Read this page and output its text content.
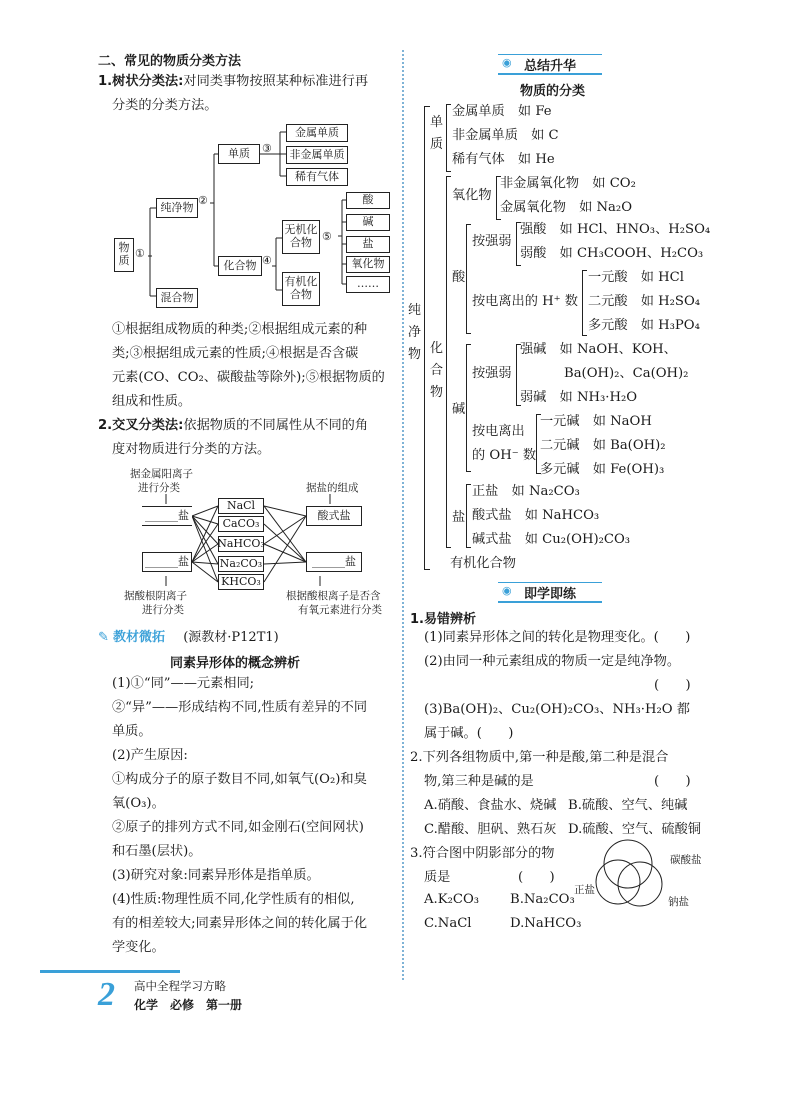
二、常见的物质分类方法
1.树状分类法:对同类事物按照某种标准进行再
分类的分类方法。
物质
①
纯净物
②
混合物
单质	③
金属单质
非金属单质
稀有气体
化合物 ④
无机化合物 ⑤
有机化合物
酸
碱
盐
氧化物
……
①根据组成物质的种类;②根据组成元素的种
类;③根据组成元素的性质;④根据是否含碳
元素(CO、CO₂、碳酸盐等除外);⑤根据物质的
组成和性质。
2.交叉分类法:依据物质的不同属性从不同的角
度对物质进行分类的方法。
据金属阳离子
进行分类	据盐的组成
______盐
______盐
酸式盐
______盐
NaCl
CaCO₃
NaHCO₃
Na₂CO₃
KHCO₃
据酸根阴离子
进行分类
根据酸根离子是否含
有氧元素进行分类
✎ 教材微拓 (源教材·P12T1)
同素异形体的概念辨析
(1)①“同”——元素相同;
②“异”——形成结构不同,性质有差异的不同
单质。
(2)产生原因:
①构成分子的原子数目不同,如氧气(O₂)和臭
氧(O₃)。
②原子的排列方式不同,如金刚石(空间网状)
和石墨(层状)。
(3)研究对象:同素异形体是指单质。
(4)性质:物理性质不同,化学性质有的相似,
有的相差较大;同素异形体之间的转化属于化
学变化。
◉ 总结升华
物质的分类
纯净物
单质
金属单质　如 Fe
非金属单质　如 C
稀有气体　如 He
化合物
氧化物
非金属氧化物　如 CO₂
金属氧化物　如 Na₂O
酸
按强弱
强酸　如 HCl、HNO₃、H₂SO₄
弱酸　如 CH₃COOH、H₂CO₃
按电离出的 H⁺ 数
一元酸　如 HCl
二元酸　如 H₂SO₄
多元酸　如 H₃PO₄
碱
按强弱
强碱　如 NaOH、KOH、
Ba(OH)₂、Ca(OH)₂
弱碱　如 NH₃·H₂O
按电离出
的 OH⁻ 数
一元碱　如 NaOH
二元碱　如 Ba(OH)₂
多元碱　如 Fe(OH)₃
盐
正盐　如 Na₂CO₃
酸式盐　如 NaHCO₃
碱式盐　如 Cu₂(OH)₂CO₃
有机化合物
◉ 即学即练
1.易错辨析
(1)同素异形体之间的转化是物理变化。(　　)
(2)由同一种元素组成的物质一定是纯净物。
(　　)
(3)Ba(OH)₂、Cu₂(OH)₂CO₃、NH₃·H₂O 都
属于碱。(　　)
2.下列各组物质中,第一种是酸,第二种是混合
物,第三种是碱的是	(　　)
A.硝酸、食盐水、烧碱 B.硫酸、空气、纯碱
C.醋酸、胆矾、熟石灰 D.硫酸、空气、硫酸铜
3.符合图中阴影部分的物
质是	(　　)
碳酸盐
正盐
钠盐
A.K₂CO₃ B.Na₂CO₃
C.NaCl	D.NaHCO₃
2 高中全程学习方略
化学　必修　第一册
